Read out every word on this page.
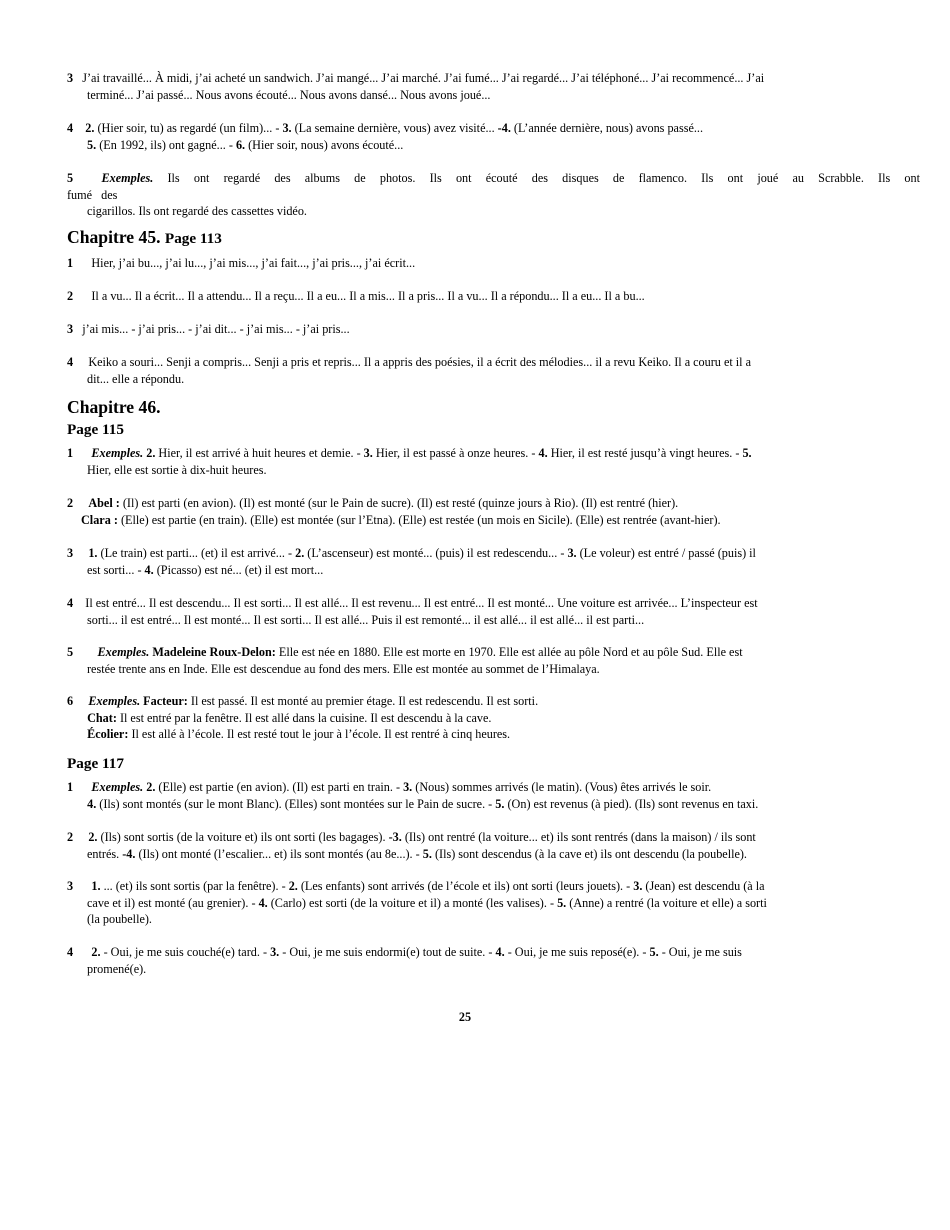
3   J’ai travaillé... À midi, j’ai acheté un sandwich. J’ai mangé... J’ai marché. J’ai fumé... J’ai regardé... J’ai téléphoné... J’ai recommencé... J’ai
terminé... J’ai passé... Nous avons écouté... Nous avons dansé... Nous avons joué...
4 2. (Hier soir, tu) as regardé (un film)... - 3. (La semaine dernière, vous) avez visité... -4. (L’année dernière, nous) avons passé...
5. (En 1992, ils) ont gagné... - 6. (Hier soir, nous) avons écouté...
5 Exemples. Ils ont regardé des albums de photos. Ils ont écouté des disques de flamenco. Ils ont joué au Scrabble. Ils ont
fumé   des
cigarillos. Ils ont regardé des cassettes vidéo.
Chapitre 45. Page 113
1      Hier, j’ai bu..., j’ai lu..., j’ai mis..., j’ai fait..., j’ai pris..., j’ai écrit...
2      Il a vu... Il a écrit... Il a attendu... Il a reçu... Il a eu... Il a mis... Il a pris... Il a vu... Il a répondu... Il a eu... Il a bu...
3   j’ai mis... - j’ai pris... - j’ai dit... - j’ai mis... - j’ai pris...
4     Keiko a souri... Senji a compris... Senji a pris et repris... Il a appris des poésies, il a écrit des mélodies... il a revu Keiko. Il a couru et il a
dit... elle a répondu.
Chapitre 46.
Page 115
1 Exemples. 2. Hier, il est arrivé à huit heures et demie. - 3. Hier, il est passé à onze heures. - 4. Hier, il est resté jusqu’à vingt heures. - 5.
Hier, elle est sortie à dix-huit heures.
2 Abel : (Il) est parti (en avion). (Il) est monté (sur le Pain de sucre). (Il) est resté (quinze jours à Rio). (Il) est rentré (hier).
Clara : (Elle) est partie (en train). (Elle) est montée (sur l’Etna). (Elle) est restée (un mois en Sicile). (Elle) est rentrée (avant-hier).
3 1. (Le train) est parti... (et) il est arrivé... - 2. (L’ascenseur) est monté... (puis) il est redescendu... - 3. (Le voleur) est entré / passé (puis) il
est sorti... - 4. (Picasso) est né... (et) il est mort...
4    Il est entré... Il est descendu... Il est sorti... Il est allé... Il est revenu... Il est entré... Il est monté... Une voiture est arrivée... L’inspecteur est
sorti... il est entré... Il est monté... Il est sorti... Il est allé... Puis il est remonté... il est allé... il est allé... il est parti...
5 Exemples. Madeleine Roux-Delon: Elle est née en 1880. Elle est morte en 1970. Elle est allée au pôle Nord et au pôle Sud. Elle est
restée trente ans en Inde. Elle est descendue au fond des mers. Elle est montée au sommet de l’Himalaya.
6 Exemples. Facteur: Il est passé. Il est monté au premier étage. Il est redescendu. Il est sorti.
Chat: Il est entré par la fenêtre. Il est allé dans la cuisine. Il est descendu à la cave.
Écolier: Il est allé à l’école. Il est resté tout le jour à l’école. Il est rentré à cinq heures.
Page 117
1 Exemples. 2. (Elle) est partie (en avion). (Il) est parti en train. - 3. (Nous) sommes arrivés (le matin). (Vous) êtes arrivés le soir.
4. (Ils) sont montés (sur le mont Blanc). (Elles) sont montées sur le Pain de sucre. - 5. (On) est revenus (à pied). (Ils) sont revenus en taxi.
2 2. (Ils) sont sortis (de la voiture et) ils ont sorti (les bagages). -3. (Ils) ont rentré (la voiture... et) ils sont rentrés (dans la maison) / ils sont
entrés. -4. (Ils) ont monté (l’escalier... et) ils sont montés (au 8e...). - 5. (Ils) sont descendus (à la cave et) ils ont descendu (la poubelle).
3 1. ... (et) ils sont sortis (par la fenêtre). - 2. (Les enfants) sont arrivés (de l’école et ils) ont sorti (leurs jouets). - 3. (Jean) est descendu (à la
cave et il) est monté (au grenier). - 4. (Carlo) est sorti (de la voiture et il) a monté (les valises). - 5. (Anne) a rentré (la voiture et elle) a sorti
(la poubelle).
4 2. - Oui, je me suis couché(e) tard. - 3. - Oui, je me suis endormi(e) tout de suite. - 4. - Oui, je me suis reposé(e). - 5. - Oui, je me suis
promené(e).
25
